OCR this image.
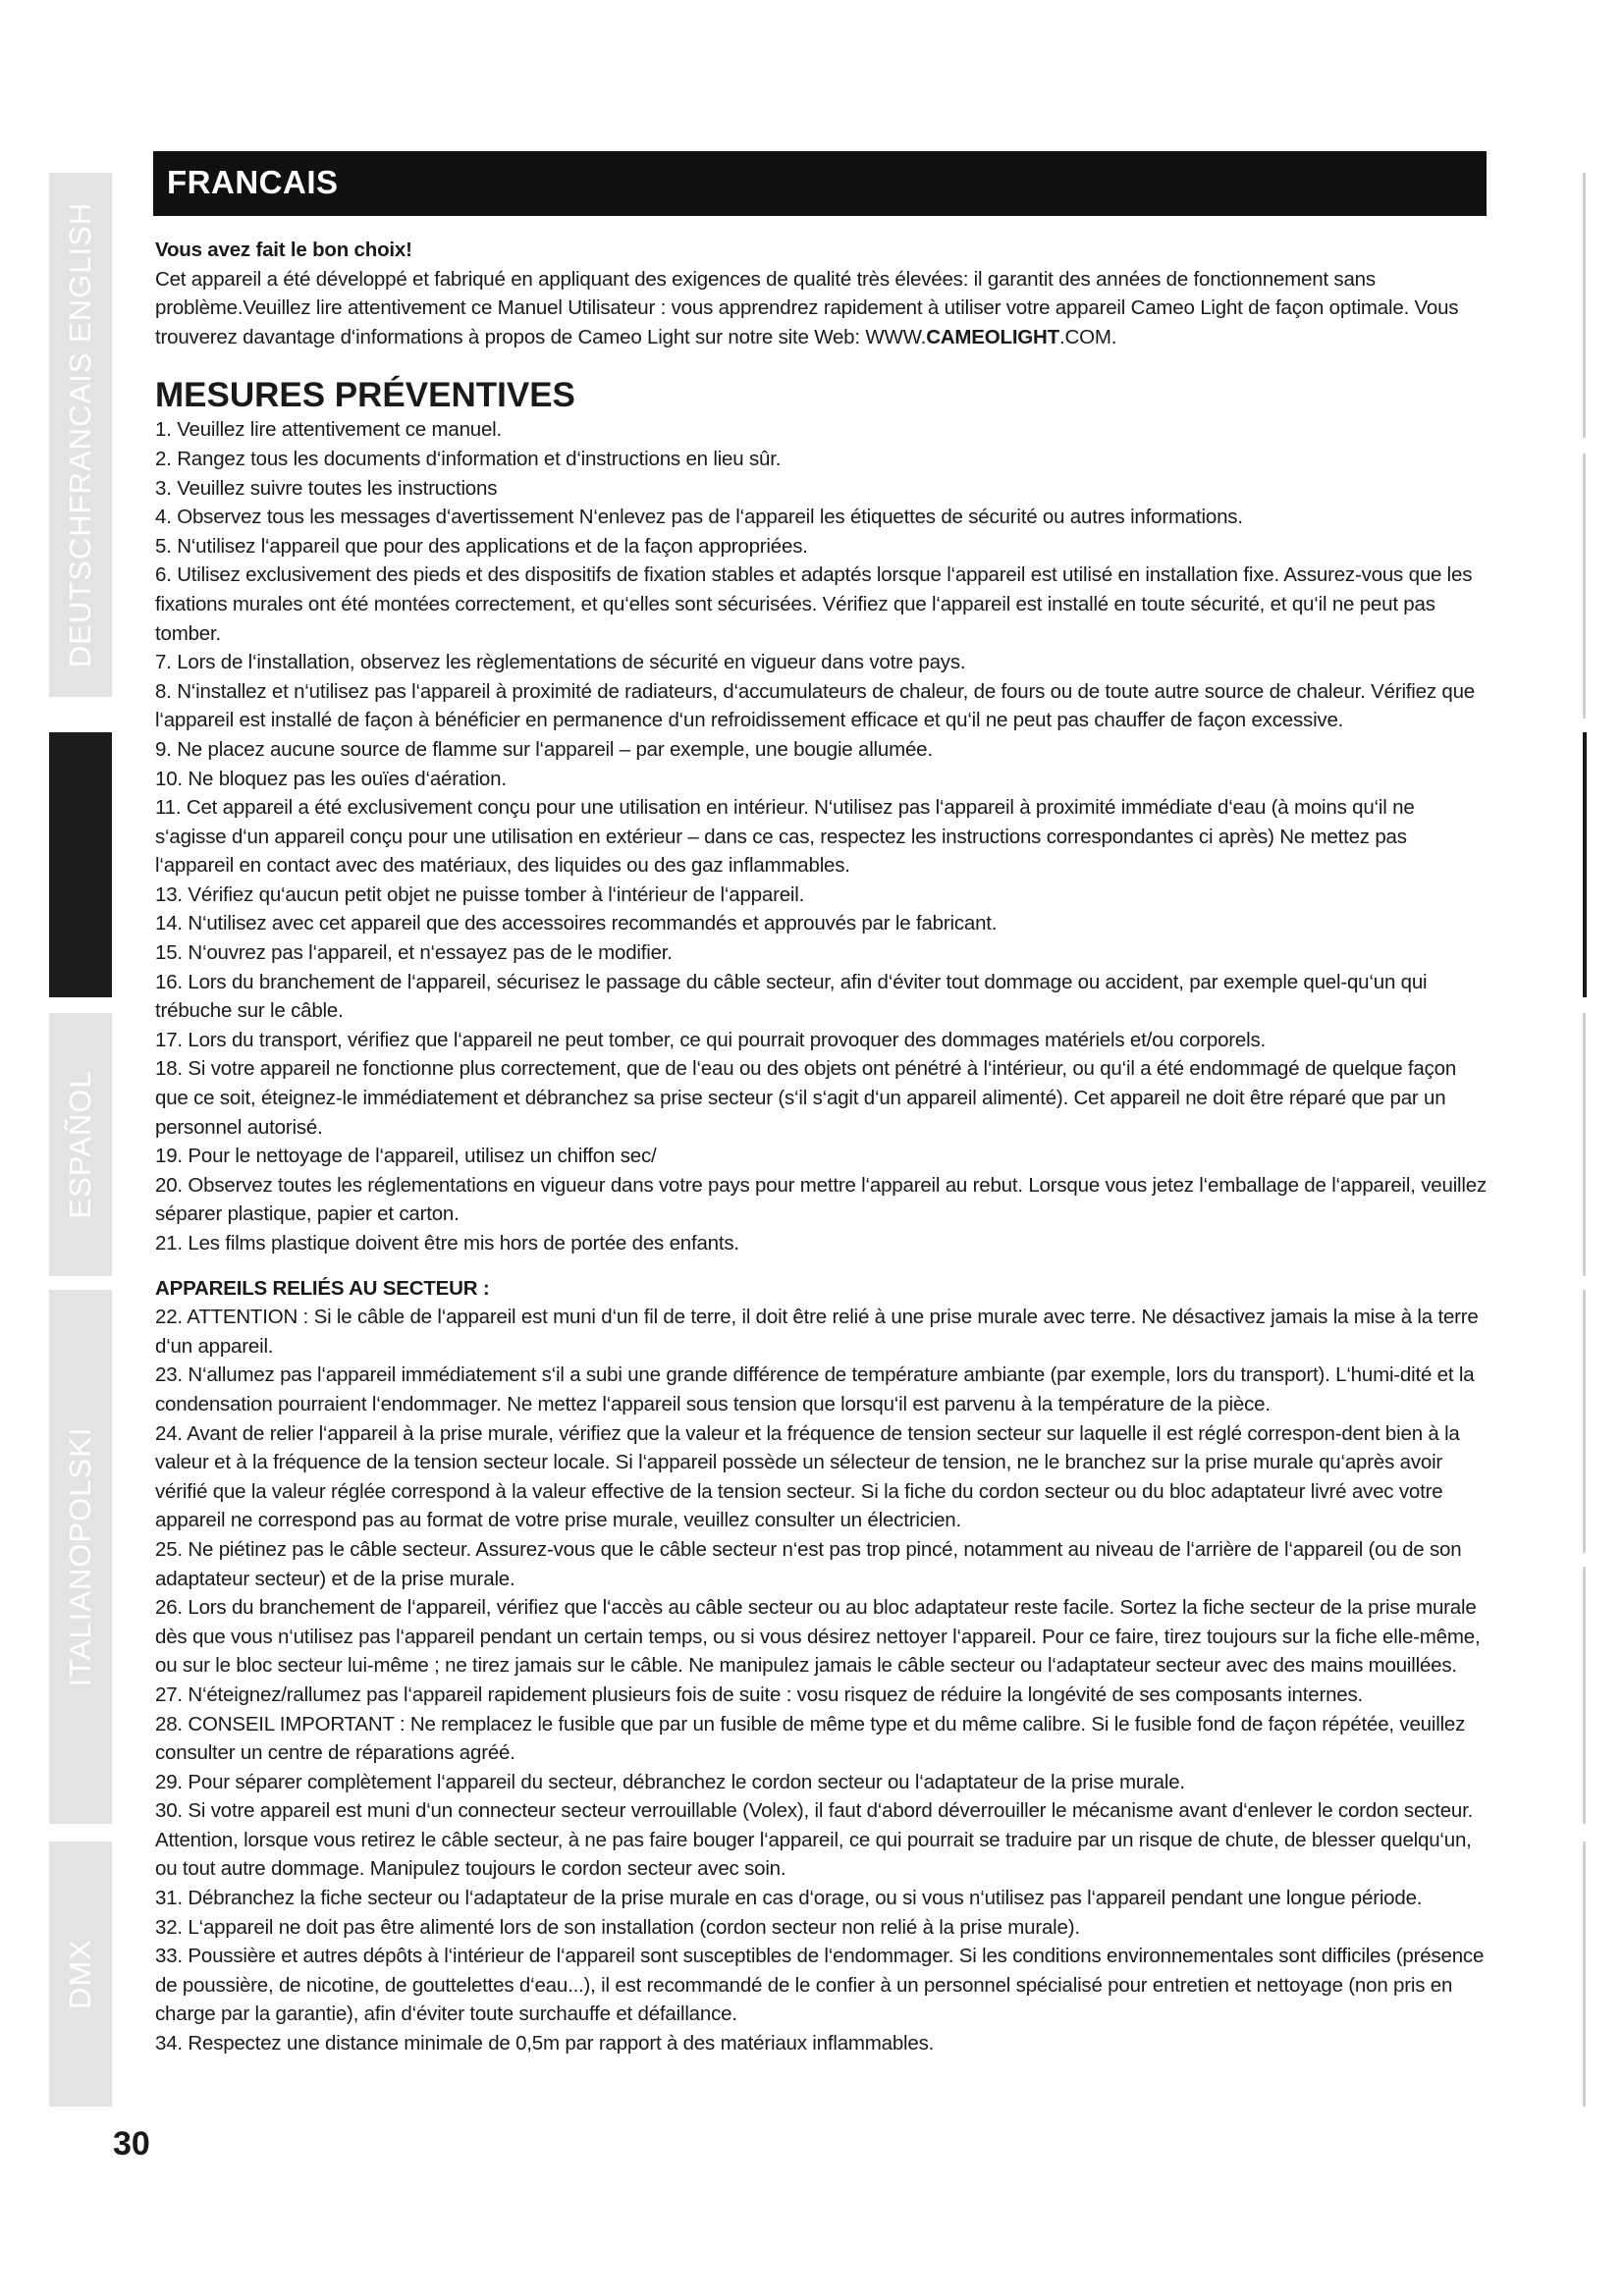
DEUTSCHFRANCAIS ENGLISH
ESPAÑOL
ITALIANOPOLSKI
DMX
FRANCAIS

Vous avez fait le bon choix!

Cet appareil a été développé et fabriqué en appliquant des exigences de qualité très élevées: il garantit des années de fonctionnement sans problème.Veuillez lire attentivement ce Manuel Utilisateur : vous apprendrez rapidement à utiliser votre appareil Cameo Light de façon optimale. Vous trouverez davantage d‘informations à propos de Cameo Light sur notre site Web: WWW.CAMEOLIGHT.COM.

MESURES PRÉVENTIVES

1. Veuillez lire attentivement ce manuel.

2. Rangez tous les documents d‘information et d‘instructions en lieu sûr.

3. Veuillez suivre toutes les instructions

4. Observez tous les messages d‘avertissement N‘enlevez pas de l‘appareil les étiquettes de sécurité ou autres informations.

5. N‘utilisez l‘appareil que pour des applications et de la façon appropriées.

6. Utilisez exclusivement des pieds et des dispositifs de fixation stables et adaptés lorsque l‘appareil est utilisé en installation fixe. Assurez-vous que les fixations murales ont été montées correctement, et qu‘elles sont sécurisées. Vérifiez que l‘appareil est installé en toute sécurité, et qu‘il ne peut pas tomber.

7. Lors de l‘installation, observez les règlementations de sécurité en vigueur dans votre pays.

8. N‘installez et n‘utilisez pas l‘appareil à proximité de radiateurs, d‘accumulateurs de chaleur, de fours ou de toute autre source de chaleur. Vérifiez que l‘appareil est installé de façon à bénéficier en permanence d‘un refroidissement efficace et qu‘il ne peut pas chauffer de façon excessive.

9. Ne placez aucune source de flamme sur l‘appareil – par exemple, une bougie allumée.

10. Ne bloquez pas les ouïes d‘aération.

11. Cet appareil a été exclusivement conçu pour une utilisation en intérieur. N‘utilisez pas l‘appareil à proximité immédiate d‘eau (à moins qu‘il ne s‘agisse d‘un appareil conçu pour une utilisation en extérieur – dans ce cas, respectez les instructions correspondantes ci après) Ne mettez pas l‘appareil en contact avec des matériaux, des liquides ou des gaz inflammables.

13. Vérifiez qu‘aucun petit objet ne puisse tomber à l‘intérieur de l‘appareil.

14. N‘utilisez avec cet appareil que des accessoires recommandés et approuvés par le fabricant.

15. N‘ouvrez pas l‘appareil, et n‘essayez pas de le modifier.

16. Lors du branchement de l‘appareil, sécurisez le passage du câble secteur, afin d‘éviter tout dommage ou accident, par exemple quel-qu‘un qui trébuche sur le câble.

17. Lors du transport, vérifiez que l‘appareil ne peut tomber, ce qui pourrait provoquer des dommages matériels et/ou corporels.

18. Si votre appareil ne fonctionne plus correctement, que de l‘eau ou des objets ont pénétré à l‘intérieur, ou qu‘il a été endommagé de quelque façon que ce soit, éteignez-le immédiatement et débranchez sa prise secteur (s‘il s‘agit d‘un appareil alimenté). Cet appareil ne doit être réparé que par un personnel autorisé.

19. Pour le nettoyage de l‘appareil, utilisez un chiffon sec/

20. Observez toutes les réglementations en vigueur dans votre pays pour mettre l‘appareil au rebut. Lorsque vous jetez l‘emballage de l‘appareil, veuillez séparer plastique, papier et carton.

21. Les films plastique doivent être mis hors de portée des enfants.

APPAREILS RELIÉS AU SECTEUR :

22. ATTENTION : Si le câble de l‘appareil est muni d‘un fil de terre, il doit être relié à une prise murale avec terre. Ne désactivez jamais la mise à la terre d‘un appareil.

23. N‘allumez pas l‘appareil immédiatement s‘il a subi une grande différence de température ambiante (par exemple, lors du transport). L‘humi-dité et la condensation pourraient l‘endommager. Ne mettez l‘appareil sous tension que lorsqu‘il est parvenu à la température de la pièce.

24. Avant de relier l‘appareil à la prise murale, vérifiez que la valeur et la fréquence de tension secteur sur laquelle il est réglé correspon-dent bien à la valeur et à la fréquence de la tension secteur locale. Si l‘appareil possède un sélecteur de tension, ne le branchez sur la prise murale qu‘après avoir vérifié que la valeur réglée correspond à la valeur effective de la tension secteur. Si la fiche du cordon secteur ou du bloc adaptateur livré avec votre appareil ne correspond pas au format de votre prise murale, veuillez consulter un électricien.

25. Ne piétinez pas le câble secteur. Assurez-vous que le câble secteur n‘est pas trop pincé, notamment au niveau de l‘arrière de l‘appareil (ou de son adaptateur secteur) et de la prise murale.

26. Lors du branchement de l‘appareil, vérifiez que l‘accès au câble secteur ou au bloc adaptateur reste facile. Sortez la fiche secteur de la prise murale dès que vous n‘utilisez pas l‘appareil pendant un certain temps, ou si vous désirez nettoyer l‘appareil. Pour ce faire, tirez toujours sur la fiche elle-même, ou sur le bloc secteur lui-même ; ne tirez jamais sur le câble. Ne manipulez jamais le câble secteur ou l‘adaptateur secteur avec des mains mouillées.

27. N‘éteignez/rallumez pas l‘appareil rapidement plusieurs fois de suite : vosu risquez de réduire la longévité de ses composants internes.

28. CONSEIL IMPORTANT : Ne remplacez le fusible que par un fusible de même type et du même calibre. Si le fusible fond de façon répétée, veuillez consulter un centre de réparations agréé.

29. Pour séparer complètement l‘appareil du secteur, débranchez le cordon secteur ou l‘adaptateur de la prise murale.

30. Si votre appareil est muni d‘un connecteur secteur verrouillable (Volex), il faut d‘abord déverrouiller le mécanisme avant d‘enlever le cordon secteur. Attention, lorsque vous retirez le câble secteur, à ne pas faire bouger l‘appareil, ce qui pourrait se traduire par un risque de chute, de blesser quelqu‘un, ou tout autre dommage. Manipulez toujours le cordon secteur avec soin.

31. Débranchez la fiche secteur ou l‘adaptateur de la prise murale en cas d‘orage, ou si vous n‘utilisez pas l‘appareil pendant une longue période.

32. L‘appareil ne doit pas être alimenté lors de son installation (cordon secteur non relié à la prise murale).

33. Poussière et autres dépôts à l‘intérieur de l‘appareil sont susceptibles de l‘endommager. Si les conditions environnementales sont difficiles (présence de poussière, de nicotine, de gouttelettes d‘eau...), il est recommandé de le confier à un personnel spécialisé pour entretien et nettoyage (non pris en charge par la garantie), afin d‘éviter toute surchauffe et défaillance.

34. Respectez une distance minimale de 0,5m par rapport à des matériaux inflammables.

30
